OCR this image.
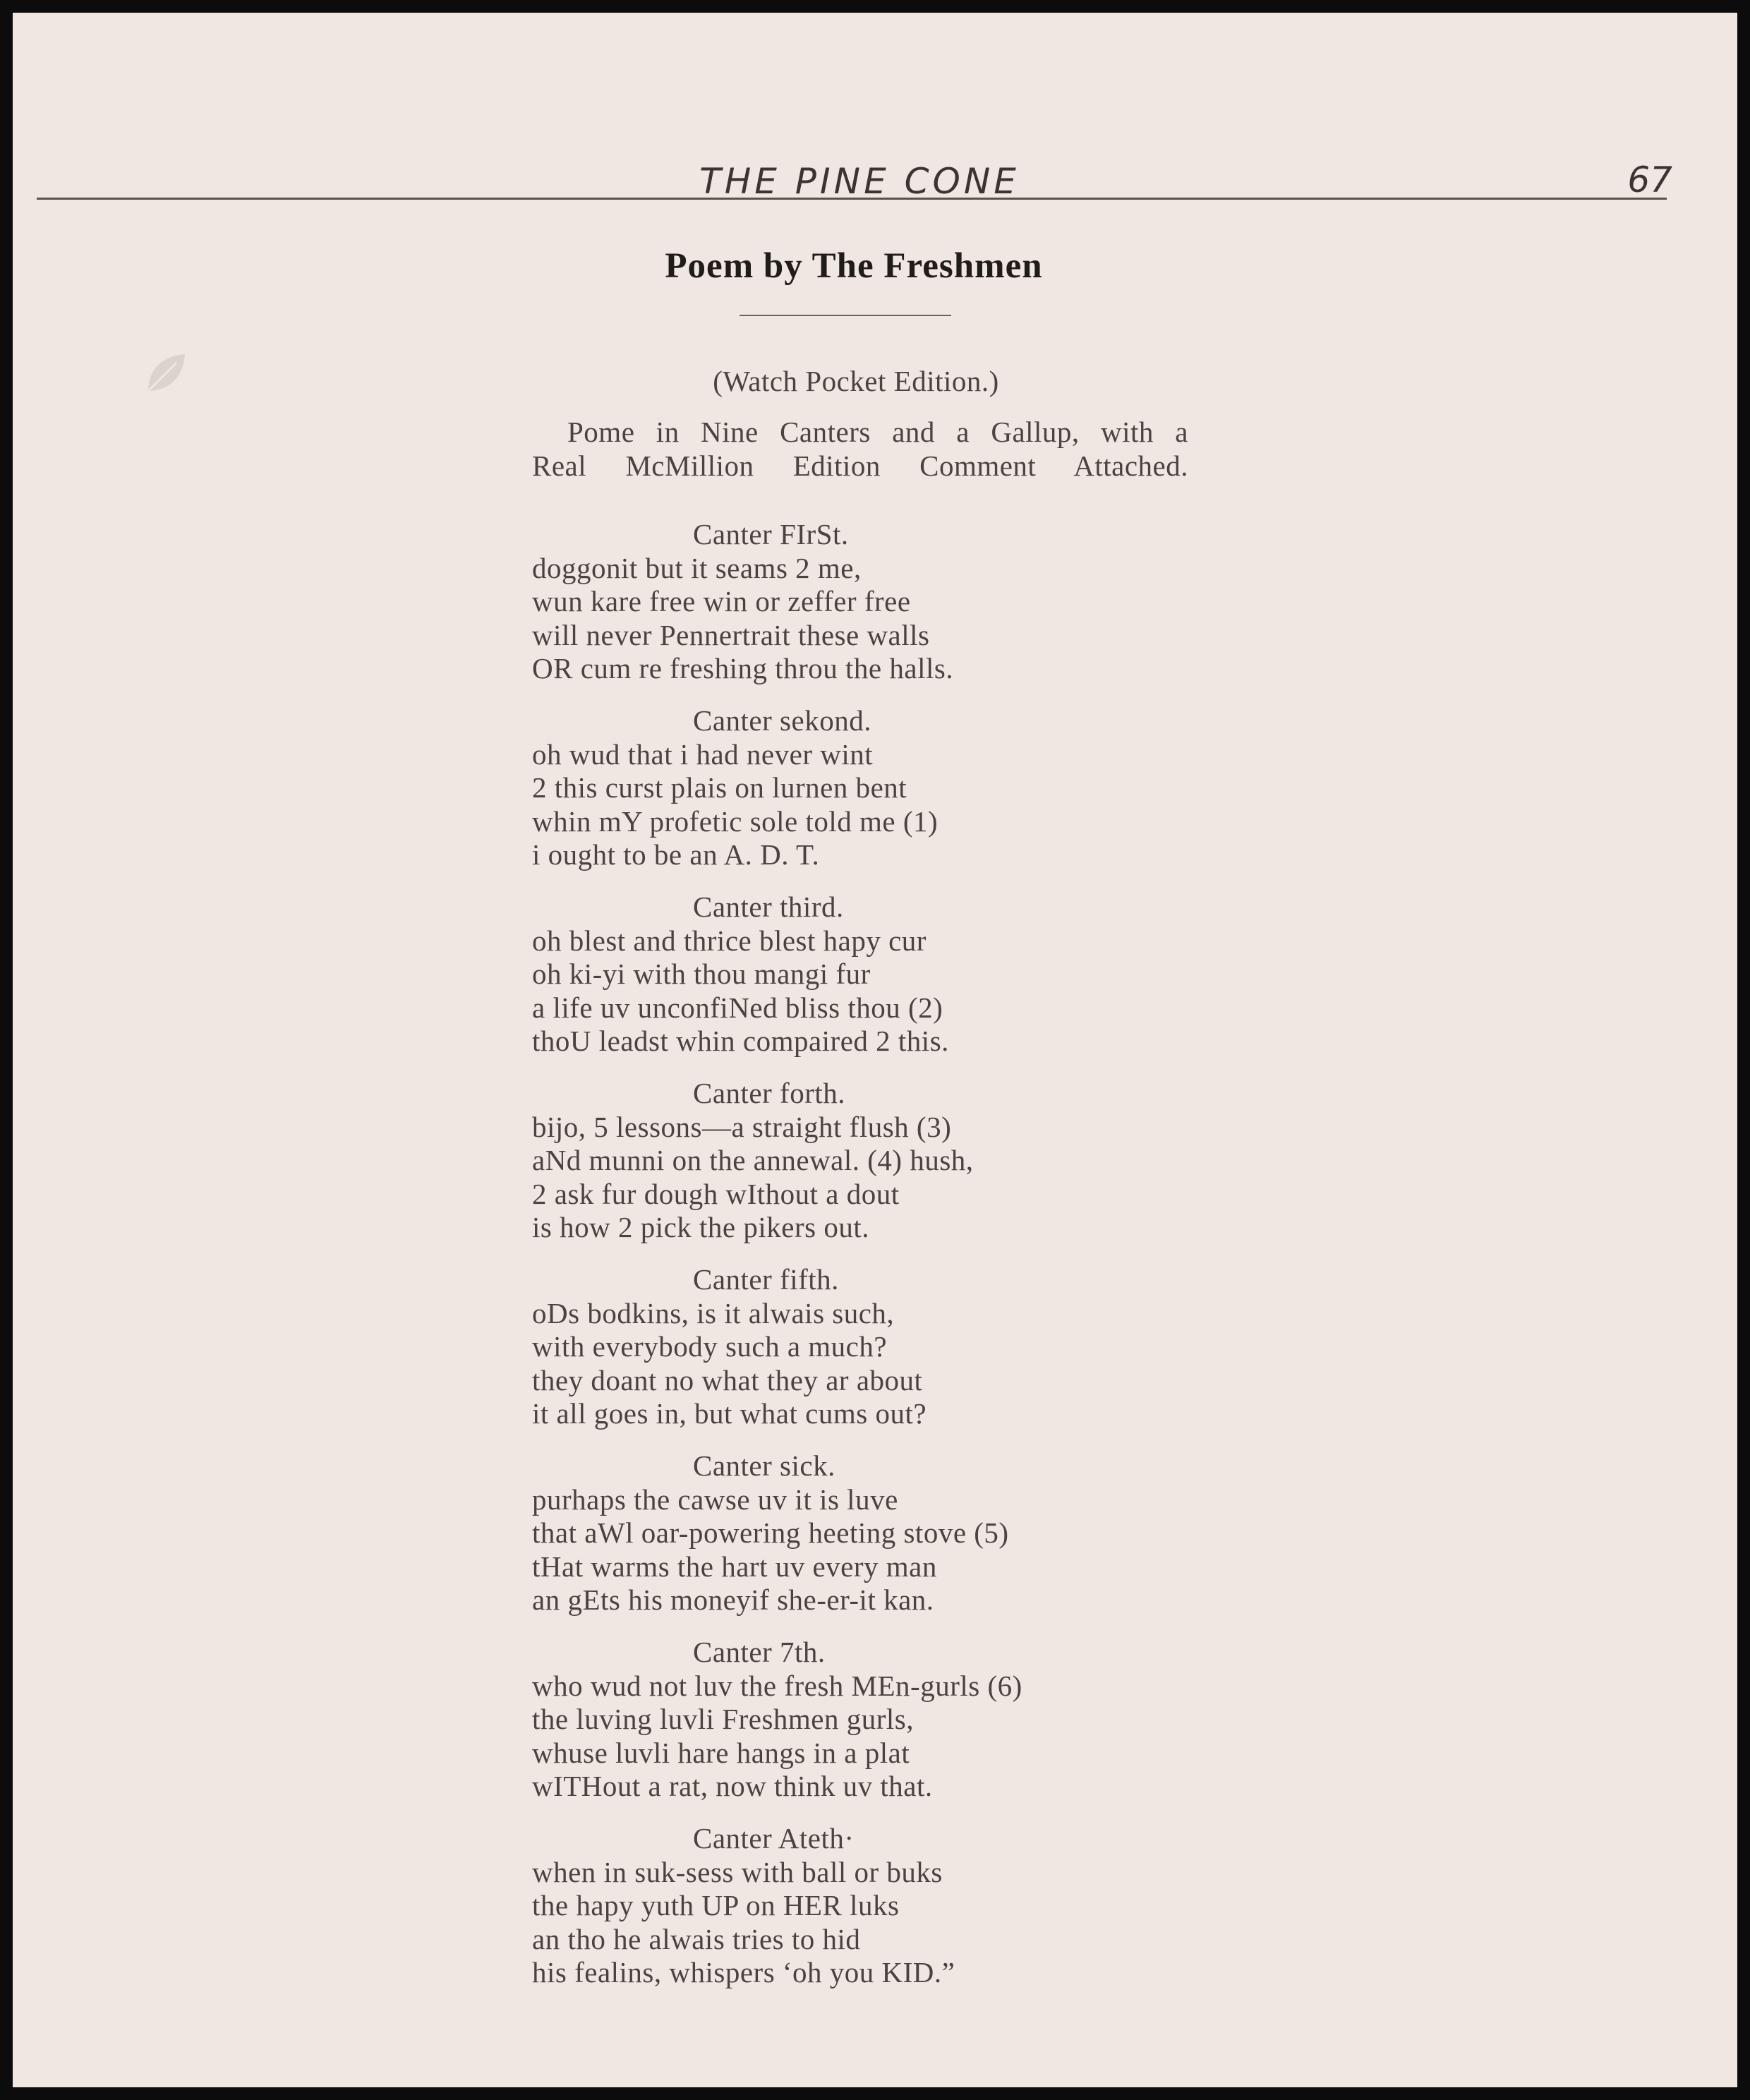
THE PINE CONE	67
Poem by The Freshmen
(Watch Pocket Edition.)
Pome in Nine Canters and a Gallup, with a
Real McMillion Edition Comment Attached.
Canter FIrSt.
doggonit but it seams 2 me,
wun kare free win or zeffer free
will never Pennertrait these walls
OR cum re freshing throu the halls.
Canter sekond.
oh wud that i had never wint
2 this curst plais on lurnen bent
whin mY profetic sole told me (1)
i ought to be an A. D. T.
Canter third.
oh blest and thrice blest hapy cur
oh ki-yi with thou mangi fur
a life uv unconfiNed bliss thou (2)
thoU leadst whin compaired 2 this.
Canter forth.
bijo, 5 lessons—a straight flush (3)
aNd munni on the annewal. (4) hush,
2 ask fur dough wIthout a dout
is how 2 pick the pikers out.
Canter fifth.
oDs bodkins, is it alwais such,
with everybody such a much?
they doant no what they ar about
it all goes in, but what cums out?
Canter sick.
purhaps the cawse uv it is luve
that aWl oar-powering heeting stove (5)
tHat warms the hart uv every man
an gEts his moneyif she-er-it kan.
Canter 7th.
who wud not luv the fresh MEn-gurls (6)
the luving luvli Freshmen gurls,
whuse luvli hare hangs in a plat
wITHout a rat, now think uv that.
Canter Ateth·
when in suk-sess with ball or buks
the hapy yuth UP on HER luks
an tho he alwais tries to hid
his fealins, whispers ‘oh you KID.”
